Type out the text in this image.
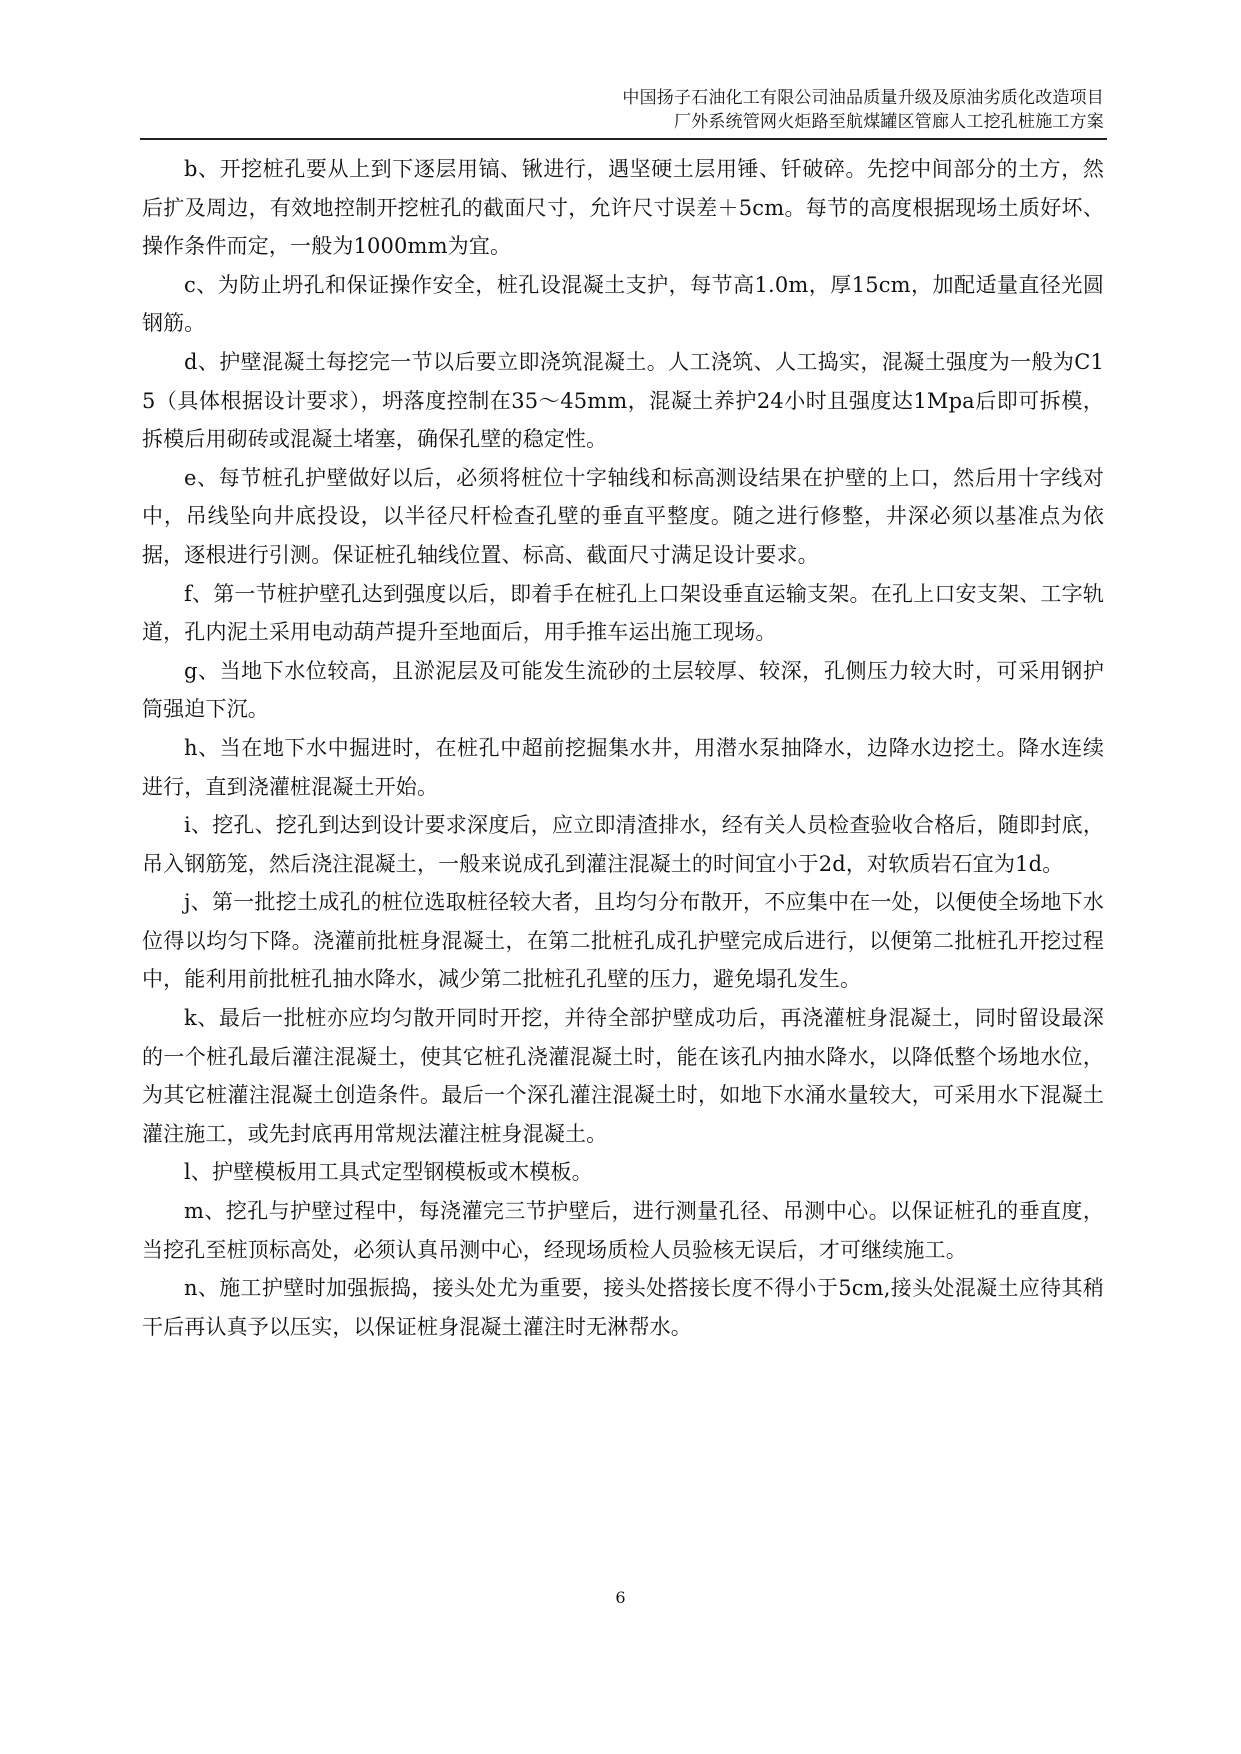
中国扬子石油化工有限公司油品质量升级及原油劣质化改造项目
厂外系统管网火炬路至航煤罐区管廊人工挖孔桩施工方案

b、开挖桩孔要从上到下逐层用镐、锹进行，遇坚硬土层用锤、钎破碎。先挖中间部分的土方，然后扩及周边，有效地控制开挖桩孔的截面尺寸，允许尺寸误差＋5cm。每节的高度根据现场土质好坏、操作条件而定，一般为1000mm为宜。

c、为防止坍孔和保证操作安全，桩孔设混凝土支护，每节高1.0m，厚15cm，加配适量直径光圆钢筋。

d、护壁混凝土每挖完一节以后要立即浇筑混凝土。人工浇筑、人工捣实，混凝土强度为一般为C15（具体根据设计要求），坍落度控制在35～45mm，混凝土养护24小时且强度达1Mpa后即可拆模，拆模后用砌砖或混凝土堵塞，确保孔壁的稳定性。

e、每节桩孔护壁做好以后，必须将桩位十字轴线和标高测设结果在护壁的上口，然后用十字线对中，吊线坠向井底投设，以半径尺杆检查孔壁的垂直平整度。随之进行修整，井深必须以基准点为依据，逐根进行引测。保证桩孔轴线位置、标高、截面尺寸满足设计要求。

f、第一节桩护壁孔达到强度以后，即着手在桩孔上口架设垂直运输支架。在孔上口安支架、工字轨道，孔内泥土采用电动葫芦提升至地面后，用手推车运出施工现场。

g、当地下水位较高，且淤泥层及可能发生流砂的土层较厚、较深，孔侧压力较大时，可采用钢护筒强迫下沉。

h、当在地下水中掘进时，在桩孔中超前挖掘集水井，用潜水泵抽降水，边降水边挖土。降水连续进行，直到浇灌桩混凝土开始。

i、挖孔、挖孔到达到设计要求深度后，应立即清渣排水，经有关人员检查验收合格后，随即封底，吊入钢筋笼，然后浇注混凝土，一般来说成孔到灌注混凝土的时间宜小于2d，对软质岩石宜为1d。

j、第一批挖土成孔的桩位选取桩径较大者，且均匀分布散开，不应集中在一处，以便使全场地下水位得以均匀下降。浇灌前批桩身混凝土，在第二批桩孔成孔护壁完成后进行，以便第二批桩孔开挖过程中，能利用前批桩孔抽水降水，减少第二批桩孔孔壁的压力，避免塌孔发生。

k、最后一批桩亦应均匀散开同时开挖，并待全部护壁成功后，再浇灌桩身混凝土，同时留设最深的一个桩孔最后灌注混凝土，使其它桩孔浇灌混凝土时，能在该孔内抽水降水，以降低整个场地水位，为其它桩灌注混凝土创造条件。最后一个深孔灌注混凝土时，如地下水涌水量较大，可采用水下混凝土灌注施工，或先封底再用常规法灌注桩身混凝土。

l、护壁模板用工具式定型钢模板或木模板。

m、挖孔与护壁过程中，每浇灌完三节护壁后，进行测量孔径、吊测中心。以保证桩孔的垂直度，当挖孔至桩顶标高处，必须认真吊测中心，经现场质检人员验核无误后，才可继续施工。

n、施工护壁时加强振捣，接头处尤为重要，接头处搭接长度不得小于5cm,接头处混凝土应待其稍干后再认真予以压实，以保证桩身混凝土灌注时无淋帮水。

6
